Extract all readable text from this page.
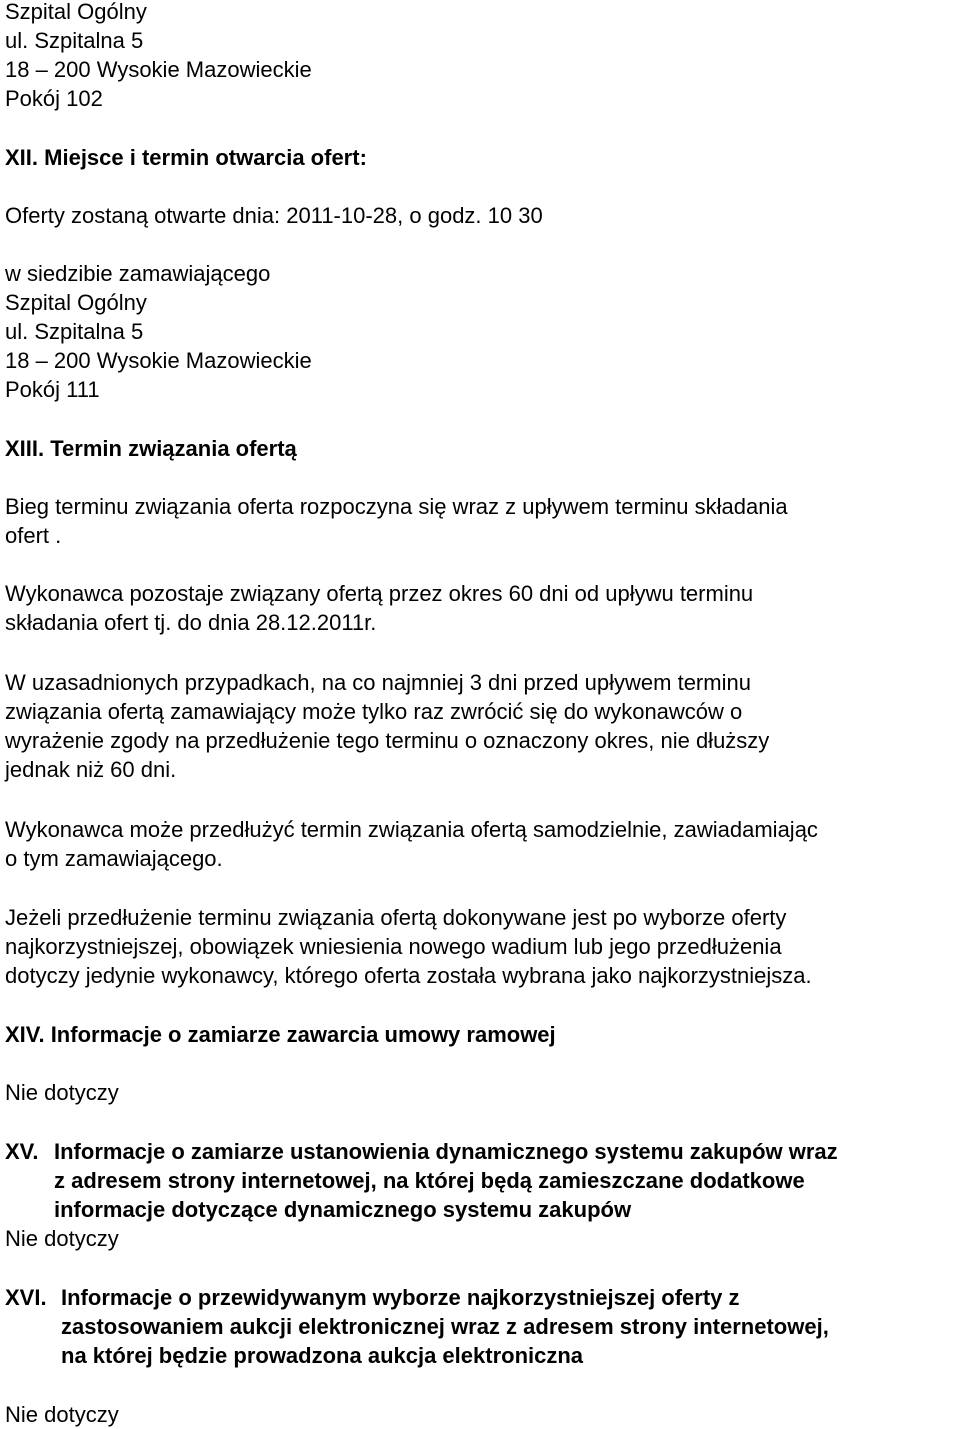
Szpital Ogólny

ul. Szpitalna 5

18 – 200 Wysokie Mazowieckie

Pokój 102

XII. Miejsce i termin otwarcia ofert:

Oferty zostaną otwarte dnia: 2011-10-28, o godz. 10 30

w siedzibie zamawiającego

Szpital Ogólny

ul. Szpitalna 5

18 – 200 Wysokie Mazowieckie

Pokój 111

XIII. Termin związania ofertą

Bieg terminu związania oferta rozpoczyna się wraz z upływem terminu składania

ofert .

Wykonawca pozostaje związany ofertą przez okres 60 dni od upływu terminu

składania ofert tj. do dnia 28.12.2011r.

W uzasadnionych przypadkach, na co najmniej 3 dni przed upływem terminu

związania ofertą zamawiający może tylko raz zwrócić się do wykonawców o

wyrażenie zgody na przedłużenie tego terminu o oznaczony okres, nie dłuższy

jednak niż 60 dni.

Wykonawca może przedłużyć termin związania ofertą samodzielnie, zawiadamiając

o tym zamawiającego.

Jeżeli przedłużenie terminu związania ofertą dokonywane jest po wyborze oferty

najkorzystniejszej, obowiązek wniesienia nowego wadium lub jego przedłużenia

dotyczy jedynie wykonawcy, którego oferta została wybrana jako najkorzystniejsza.

XIV. Informacje o zamiarze zawarcia umowy ramowej

Nie dotyczy

XV. Informacje o zamiarze ustanowienia dynamicznego systemu zakupów wraz
z adresem strony internetowej, na której będą zamieszczane dodatkowe
informacje dotyczące dynamicznego systemu zakupów

Nie dotyczy

XVI. Informacje o przewidywanym wyborze najkorzystniejszej oferty z
zastosowaniem aukcji elektronicznej wraz z adresem strony internetowej,
na której będzie prowadzona aukcja elektroniczna

Nie dotyczy
